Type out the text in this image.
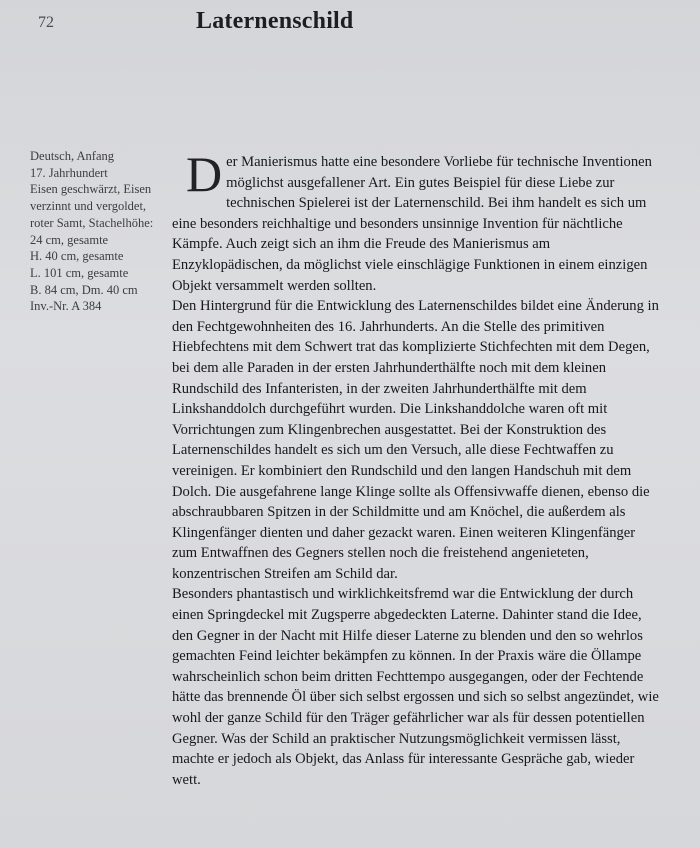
72	Laternenschild
Deutsch, Anfang
17. Jahrhundert
Eisen geschwärzt, Eisen
verzinnt und vergoldet,
roter Samt, Stachelhöhe:
24 cm, gesamte
H. 40 cm, gesamte
L. 101 cm, gesamte
B. 84 cm, Dm. 40 cm
Inv.-Nr. A 384

Der Manierismus hatte eine besondere Vorliebe für technische Inventionen möglichst ausgefallener Art. Ein gutes Beispiel für diese Liebe zur technischen Spielerei ist der Laternenschild. Bei ihm handelt es sich um eine besonders reichhaltige und besonders unsinnige Invention für nächtliche Kämpfe. Auch zeigt sich an ihm die Freude des Manierismus am Enzyklopädischen, da möglichst viele einschlägige Funktionen in einem einzigen Objekt versammelt werden sollten.

Den Hintergrund für die Entwicklung des Laternenschildes bildet eine Änderung in den Fechtgewohnheiten des 16. Jahrhunderts. An die Stelle des primitiven Hiebfechtens mit dem Schwert trat das komplizierte Stichfechten mit dem Degen, bei dem alle Paraden in der ersten Jahrhunderthälfte noch mit dem kleinen Rundschild des Infanteristen, in der zweiten Jahrhunderthälfte mit dem Linkshanddolch durchgeführt wurden. Die Linkshanddolche waren oft mit Vorrichtungen zum Klingenbrechen ausgestattet. Bei der Konstruktion des Laternenschildes handelt es sich um den Versuch, alle diese Fechtwaffen zu vereinigen. Er kombiniert den Rundschild und den langen Handschuh mit dem Dolch. Die ausgefahrene lange Klinge sollte als Offensivwaffe dienen, ebenso die abschraubbaren Spitzen in der Schildmitte und am Knöchel, die außerdem als Klingenfänger dienten und daher gezackt waren. Einen weiteren Klingenfänger zum Entwaffnen des Gegners stellen noch die freistehend angenieteten, konzentrischen Streifen am Schild dar.

Besonders phantastisch und wirklichkeitsfremd war die Entwicklung der durch einen Springdeckel mit Zugsperre abgedeckten Laterne. Dahinter stand die Idee, den Gegner in der Nacht mit Hilfe dieser Laterne zu blenden und den so wehrlos gemachten Feind leichter bekämpfen zu können. In der Praxis wäre die Öllampe wahrscheinlich schon beim dritten Fechttempo ausgegangen, oder der Fechtende hätte das brennende Öl über sich selbst ergossen und sich so selbst angezündet, wie wohl der ganze Schild für den Träger gefährlicher war als für dessen potentiellen Gegner. Was der Schild an praktischer Nutzungsmöglichkeit vermissen lässt, machte er jedoch als Objekt, das Anlass für interessante Gespräche gab, wieder wett.
